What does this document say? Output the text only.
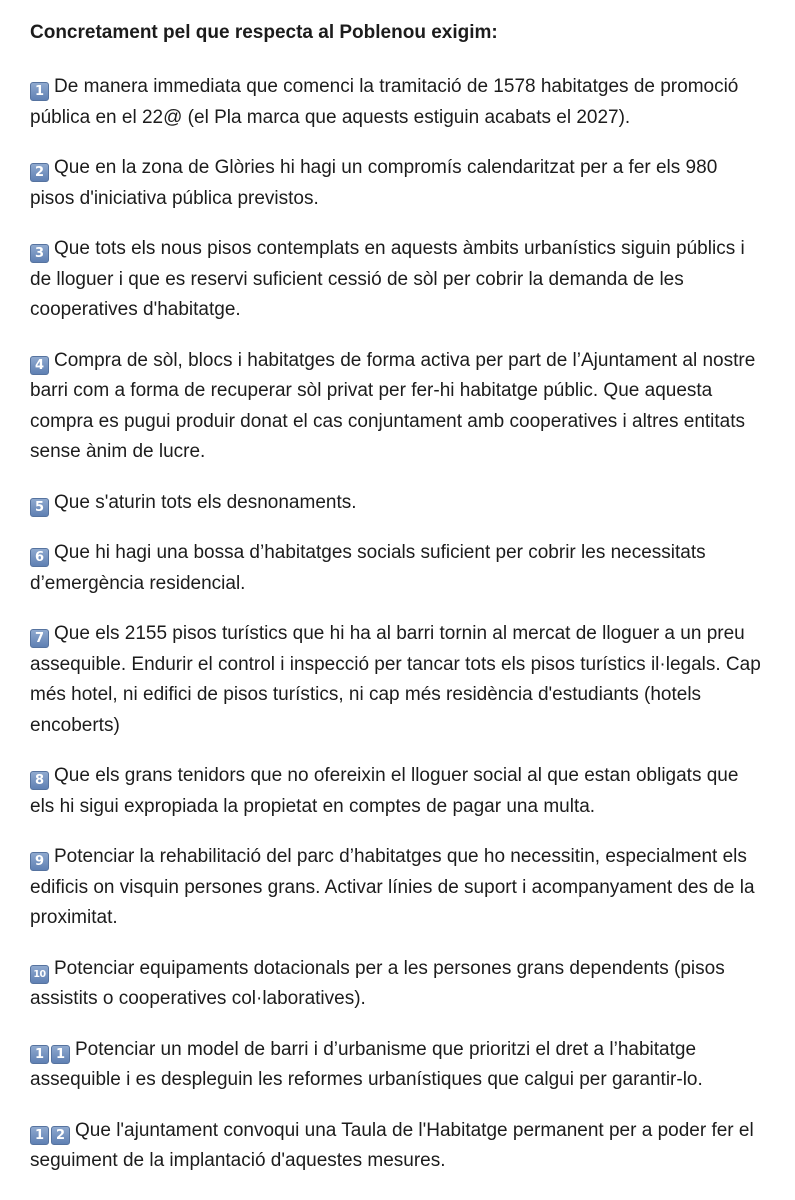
Concretament pel que respecta al Poblenou exigim:
1 De manera immediata que comenci la tramitació de 1578 habitatges de promoció pública en el 22@ (el Pla marca que aquests estiguin acabats el 2027).
2 Que en la zona de Glòries hi hagi un compromís calendaritzat per a fer els 980 pisos d'iniciativa pública previstos.
3 Que tots els nous pisos contemplats en aquests àmbits urbanístics siguin públics i de lloguer i que es reservi suficient cessió de sòl per cobrir la demanda de les cooperatives d'habitatge.
4 Compra de sòl, blocs i habitatges de forma activa per part de l’Ajuntament al nostre barri com a forma de recuperar sòl privat per fer-hi habitatge públic. Que aquesta compra es pugui produir donat el cas conjuntament amb cooperatives i altres entitats sense ànim de lucre.
5 Que s'aturin tots els desnonaments.
6 Que hi hagi una bossa d’habitatges socials suficient per cobrir les necessitats d’emergència residencial.
7 Que els 2155 pisos turístics que hi ha al barri tornin al mercat de lloguer a un preu assequible. Endurir el control i inspecció per tancar tots els pisos turístics il·legals. Cap més hotel, ni edifici de pisos turístics, ni cap més residència d'estudiants (hotels encoberts)
8 Que els grans tenidors que no ofereixin el lloguer social al que estan obligats que els hi sigui expropiada la propietat en comptes de pagar una multa.
9 Potenciar la rehabilitació del parc d’habitatges que ho necessitin, especialment els edificis on visquin persones grans. Activar línies de suport i acompanyament des de la proximitat.
10 Potenciar equipaments dotacionals per a les persones grans dependents (pisos assistits o cooperatives col·laboratives).
1 1 Potenciar un model de barri i d’urbanisme que prioritzi el dret a l’habitatge assequible i es despleguin les reformes urbanístiques que calgui per garantir-lo.
1 2 Que l'ajuntament convoqui una Taula de l'Habitatge permanent per a poder fer el seguiment de la implantació d'aquestes mesures.
